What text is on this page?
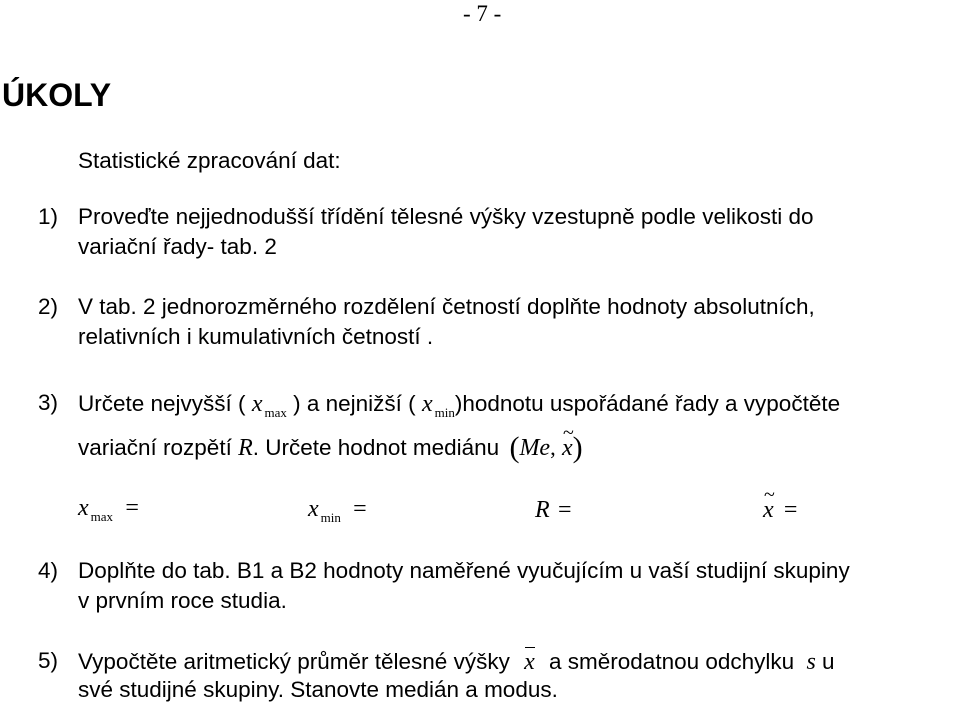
- 7 -
ÚKOLY
Statistické zpracování dat:
1) Proveďte nejjednodušší třídění tělesné výšky vzestupně podle velikosti do
variační řady- tab. 2
2) V tab. 2 jednorozměrného rozdělení četností doplňte hodnoty absolutních,
relativních i kumulativních četností .
3) Určete nejvyšší ( x $_{max}$ ) a nejnižší ( x $_{min}$)hodnotu uspořádané řady a vypočtěte
variační rozpětí R. Určete hodnot mediánu (Me, ~ x)
x $_{max}$ =	x $_{min}$ =	R =	~ x =
4) Doplňte do tab. B1 a B2 hodnoty naměřené vyučujícím u vaší studijní skupiny
v prvním roce studia.
5) Vypočtěte aritmetický průměr tělesné výšky x a směrodatnou odchylku s u
své studijné skupiny. Stanovte medián a modus.
